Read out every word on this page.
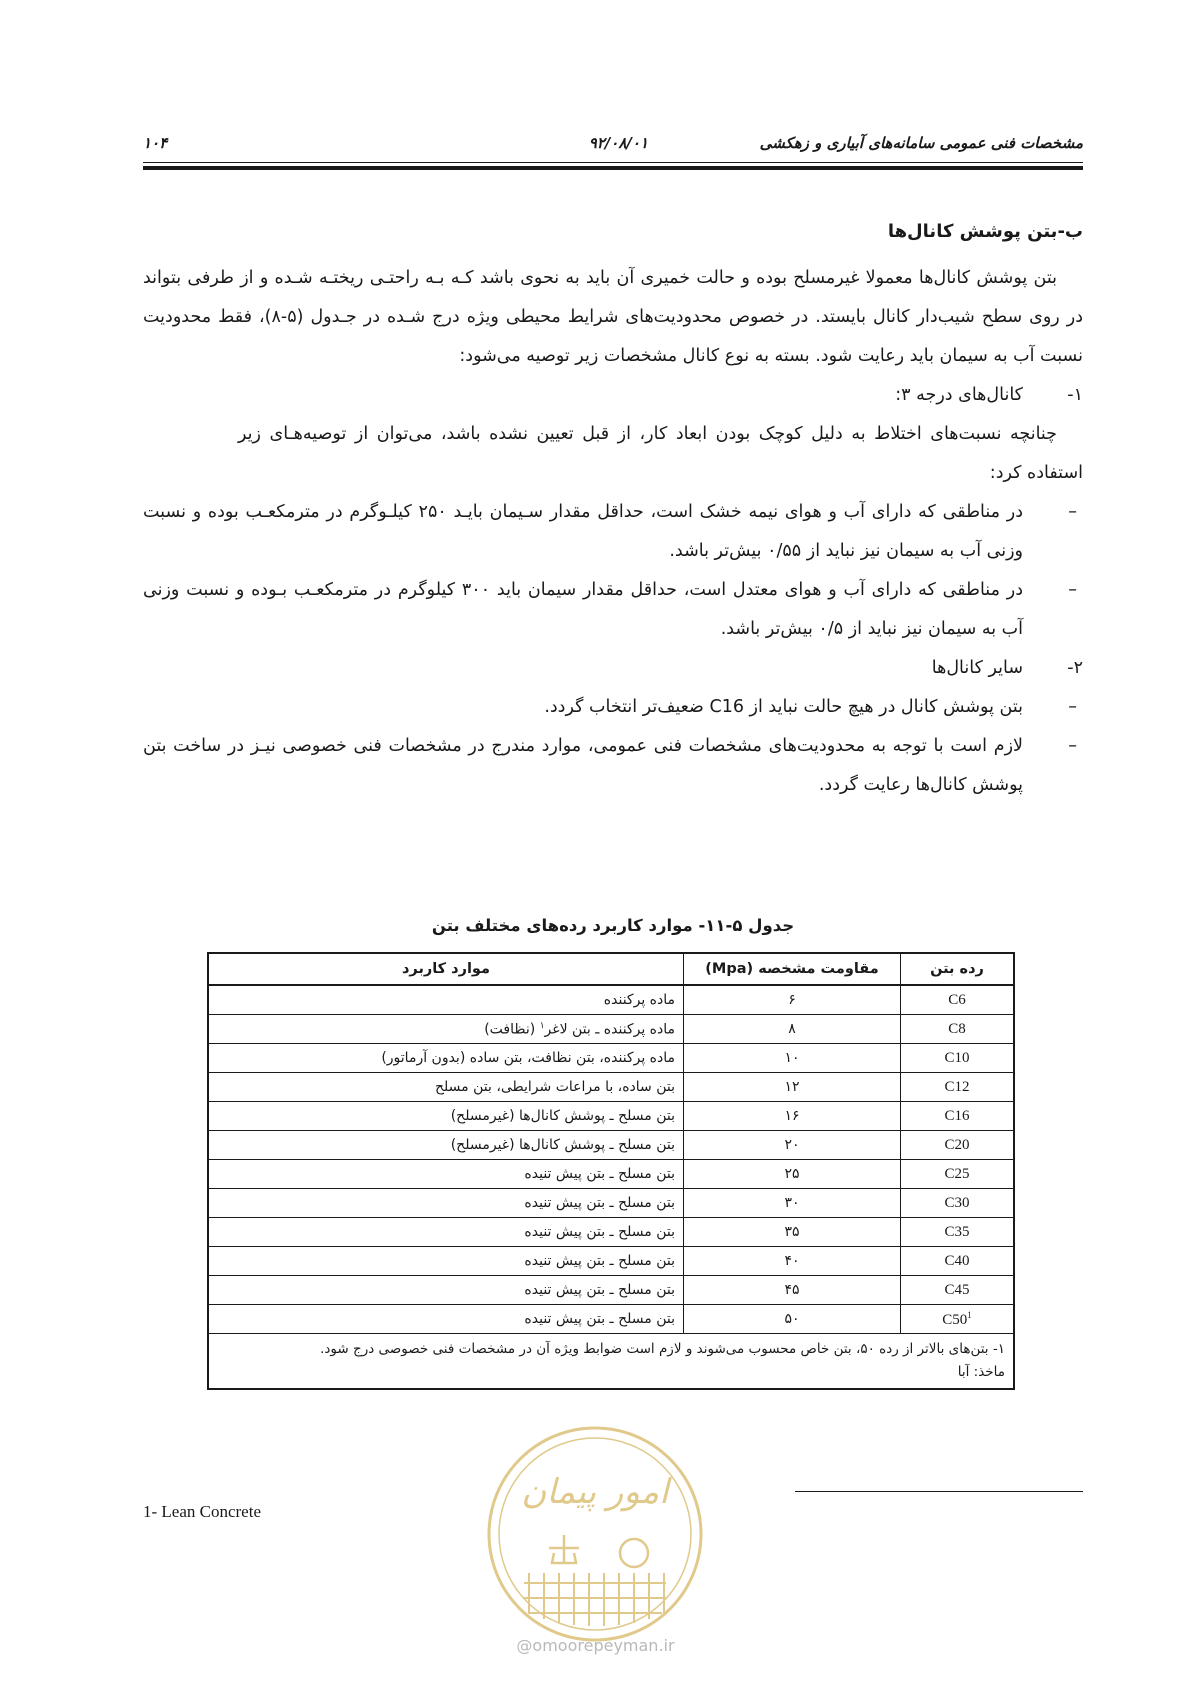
مشخصات فنی عمومی سامانه‌های آبیاری و زهکشی
۹۲/۰۸/۰۱
۱۰۴
ب-بتن پوشش کانال‌ها

بتن پوشش کانال‌ها معمولا غیرمسلح بوده و حالت خمیری آن باید به نحوی باشد کـه بـه راحتـی ریختـه شـده و از طرفی بتواند در روی سطح شیب‌دار کانال بایستد. در خصوص محدودیت‌های شرایط محیطی ویژه درج شـده در جـدول (۵-۸)، فقط محدودیت نسبت آب به سیمان باید رعایت شود. بسته به نوع کانال مشخصات زیر توصیه می‌شود:

۱-
کانال‌های درجه ۳:

چنانچه نسبت‌های اختلاط به دلیل کوچک بودن ابعاد کار، از قبل تعیین نشده باشد، می‌توان از توصیه‌هـای زیر استفاده کرد:

–
در مناطقی که دارای آب و هوای نیمه خشک است، حداقل مقدار سـیمان بایـد ۲۵۰ کیلـوگرم در مترمکعـب بوده و نسبت وزنی آب به سیمان نیز نباید از ۰/۵۵ بیش‌تر باشد.
–
در مناطقی که دارای آب و هوای معتدل است، حداقل مقدار سیمان باید ۳۰۰ کیلوگرم در مترمکعـب بـوده و نسبت وزنی آب به سیمان نیز نباید از ۰/۵ بیش‌تر باشد.
۲-
سایر کانال‌ها
–
بتن پوشش کانال در هیچ حالت نباید از C16 ضعیف‌تر انتخاب گردد.
–
لازم است با توجه به محدودیت‌های مشخصات فنی عمومی، موارد مندرج در مشخصات فنی خصوصی نیـز در ساخت بتن پوشش کانال‌ها رعایت گردد.
جدول ۵-۱۱- موارد کاربرد رده‌های مختلف بتن
رده بتن	مقاومت مشخصه (Mpa)	موارد کاربرد
C6	۶	ماده پرکننده
C8	۸	ماده پرکننده ـ بتن لاغر$^۱$ (نظافت)
C10	۱۰	ماده پرکننده، بتن نظافت، بتن ساده (بدون آرماتور)
C12	۱۲	بتن ساده، با مراعات شرایطی، بتن مسلح
C16	۱۶	بتن مسلح ـ پوشش کانال‌ها (غیرمسلح)
C20	۲۰	بتن مسلح ـ پوشش کانال‌ها (غیرمسلح)
C25	۲۵	بتن مسلح ـ بتن پیش تنیده
C30	۳۰	بتن مسلح ـ بتن پیش تنیده
C35	۳۵	بتن مسلح ـ بتن پیش تنیده
C40	۴۰	بتن مسلح ـ بتن پیش تنیده
C45	۴۵	بتن مسلح ـ بتن پیش تنیده
$C50^1$	۵۰	بتن مسلح ـ بتن پیش تنیده

۱- بتن‌های بالاتر از رده ۵۰، بتن خاص محسوب می‌شوند و لازم است ضوابط ویژه آن در مشخصات فنی خصوصی درج شود.
ماخذ: آبا		
امور پیمان
1- Lean Concrete
@omoorepeyman.ir
